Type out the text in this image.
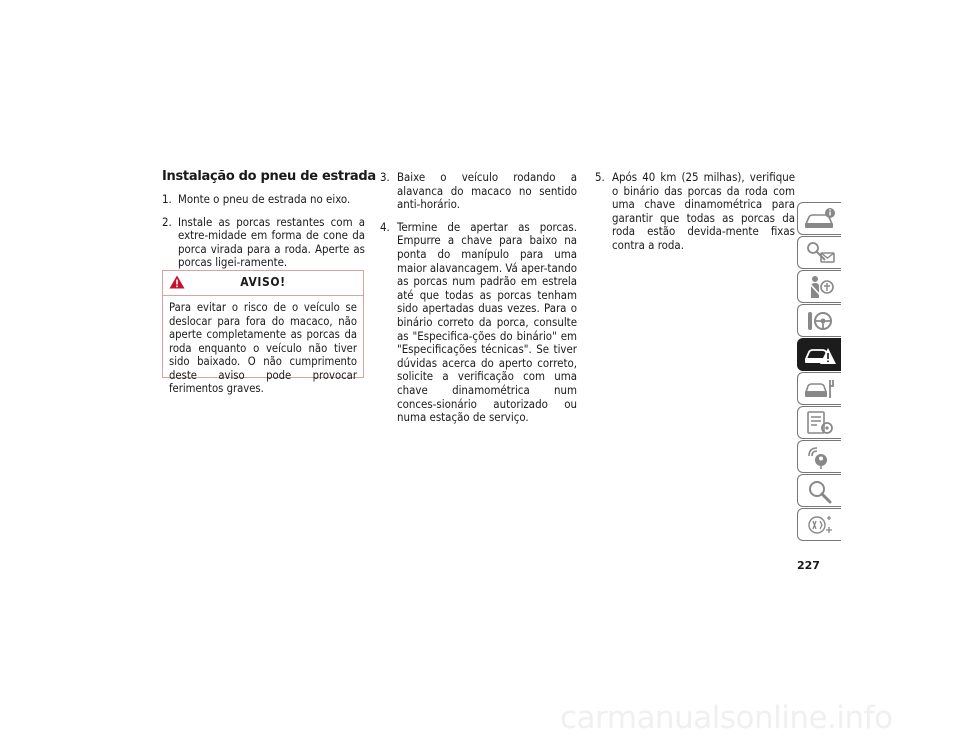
Instalação do pneu de estrada
1. Monte o pneu de estrada no eixo.
2. Instale as porcas restantes com a extre-midade em forma de cone da porca virada para a roda. Aperte as porcas ligei-ramente.

AVISO!

Para evitar o risco de o veículo se deslocar para fora do macaco, não aperte completamente as porcas da roda enquanto o veículo não tiver sido baixado. O não cumprimento deste aviso pode provocar ferimentos graves.

3. Baixe o veículo rodando a alavanca do macaco no sentido anti-horário.
4. Termine de apertar as porcas. Empurre a chave para baixo na ponta do manípulo para uma maior alavancagem. Vá aper-tando as porcas num padrão em estrela até que todas as porcas tenham sido apertadas duas vezes. Para o binário correto da porca, consulte as "Especifica-ções do binário" em "Especificações técnicas". Se tiver dúvidas acerca do aperto correto, solicite a verificação com uma chave dinamométrica num conces-sionário autorizado ou numa estação de serviço.
5. Após 40 km (25 milhas), verifique o binário das porcas da roda com uma chave dinamométrica para garantir que todas as porcas da roda estão devida-mente fixas contra a roda.
227
carmanualsonline.info
